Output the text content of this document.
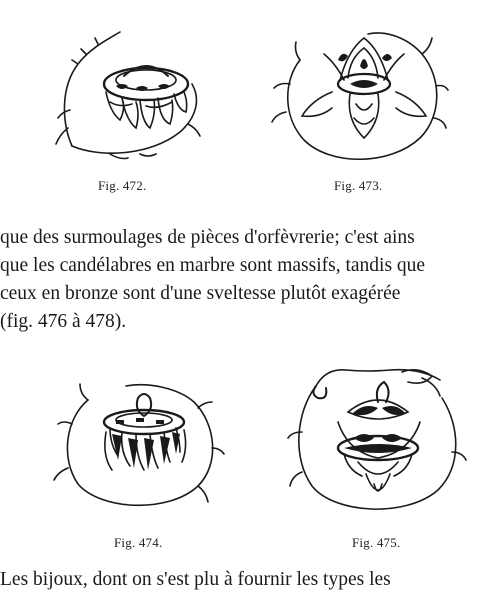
Fig. 472.	Fig. 473.
que des surmoulages de pièces d'orfèvrerie; c'est ains
que les candélabres en marbre sont massifs, tandis que
ceux en bronze sont d'une sveltesse plutôt exagérée
(fig. 476 à 478).
Fig. 474.	Fig. 475.
Les bijoux, dont on s'est plu à fournir les types les
